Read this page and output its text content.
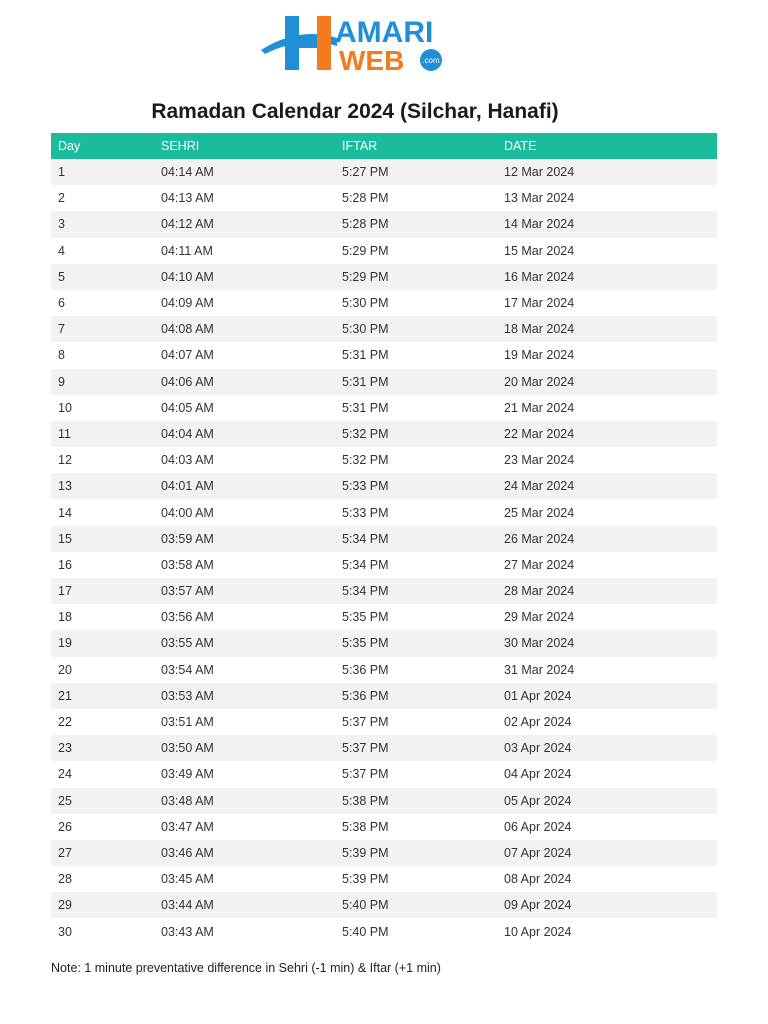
AMARI
WEB .com
Ramadan Calendar 2024 (Silchar, Hanafi)
Day	SEHRI	IFTAR	DATE
1	04:14 AM	5:27 PM	12 Mar 2024
2	04:13 AM	5:28 PM	13 Mar 2024
3	04:12 AM	5:28 PM	14 Mar 2024
4	04:11 AM	5:29 PM	15 Mar 2024
5	04:10 AM	5:29 PM	16 Mar 2024
6	04:09 AM	5:30 PM	17 Mar 2024
7	04:08 AM	5:30 PM	18 Mar 2024
8	04:07 AM	5:31 PM	19 Mar 2024
9	04:06 AM	5:31 PM	20 Mar 2024
10	04:05 AM	5:31 PM	21 Mar 2024
11	04:04 AM	5:32 PM	22 Mar 2024
12	04:03 AM	5:32 PM	23 Mar 2024
13	04:01 AM	5:33 PM	24 Mar 2024
14	04:00 AM	5:33 PM	25 Mar 2024
15	03:59 AM	5:34 PM	26 Mar 2024
16	03:58 AM	5:34 PM	27 Mar 2024
17	03:57 AM	5:34 PM	28 Mar 2024
18	03:56 AM	5:35 PM	29 Mar 2024
19	03:55 AM	5:35 PM	30 Mar 2024
20	03:54 AM	5:36 PM	31 Mar 2024
21	03:53 AM	5:36 PM	01 Apr 2024
22	03:51 AM	5:37 PM	02 Apr 2024
23	03:50 AM	5:37 PM	03 Apr 2024
24	03:49 AM	5:37 PM	04 Apr 2024
25	03:48 AM	5:38 PM	05 Apr 2024
26	03:47 AM	5:38 PM	06 Apr 2024
27	03:46 AM	5:39 PM	07 Apr 2024
28	03:45 AM	5:39 PM	08 Apr 2024
29	03:44 AM	5:40 PM	09 Apr 2024
30	03:43 AM	5:40 PM	10 Apr 2024
Note: 1 minute preventative difference in Sehri (-1 min) & Iftar (+1 min)
